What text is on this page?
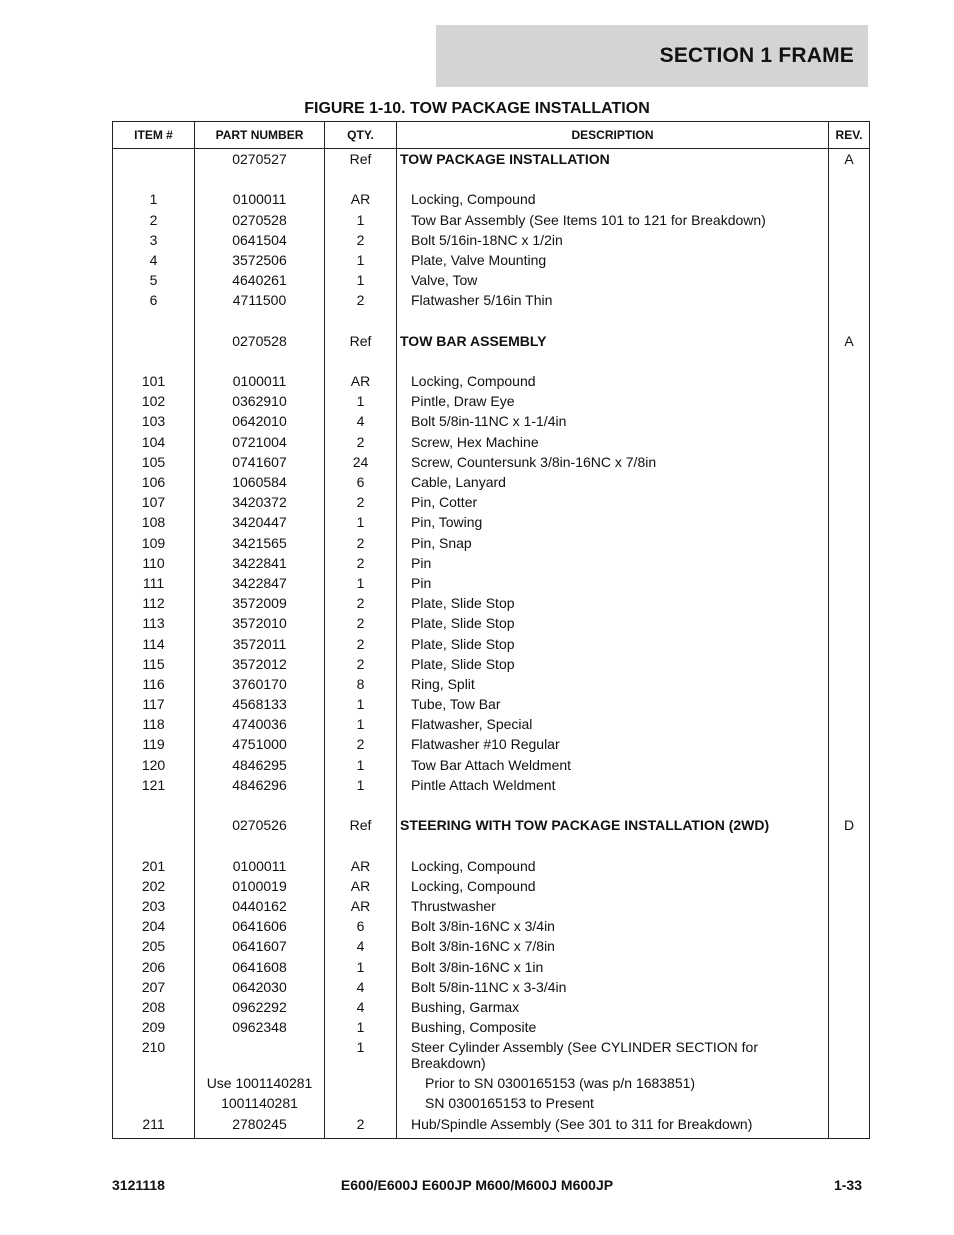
SECTION 1 FRAME
FIGURE 1-10. TOW PACKAGE INSTALLATION
ITEM #	PART NUMBER	QTY.	DESCRIPTION	REV.
	0270527	Ref	TOW PACKAGE INSTALLATION	A

1	0100011	AR	Locking, Compound	
2	0270528	1	Tow Bar Assembly (See Items 101 to 121 for Breakdown)	
3	0641504	2	Bolt 5/16in-18NC x 1/2in	
4	3572506	1	Plate, Valve Mounting	
5	4640261	1	Valve, Tow	
6	4711500	2	Flatwasher 5/16in Thin	

	0270528	Ref	TOW BAR ASSEMBLY	A

101	0100011	AR	Locking, Compound	
102	0362910	1	Pintle, Draw Eye	
103	0642010	4	Bolt 5/8in-11NC x 1-1/4in	
104	0721004	2	Screw, Hex Machine	
105	0741607	24	Screw, Countersunk 3/8in-16NC x 7/8in	
106	1060584	6	Cable, Lanyard	
107	3420372	2	Pin, Cotter	
108	3420447	1	Pin, Towing	
109	3421565	2	Pin, Snap	
110	3422841	2	Pin	
111	3422847	1	Pin	
112	3572009	2	Plate, Slide Stop	
113	3572010	2	Plate, Slide Stop	
114	3572011	2	Plate, Slide Stop	
115	3572012	2	Plate, Slide Stop	
116	3760170	8	Ring, Split	
117	4568133	1	Tube, Tow Bar	
118	4740036	1	Flatwasher, Special	
119	4751000	2	Flatwasher #10 Regular	
120	4846295	1	Tow Bar Attach Weldment	
121	4846296	1	Pintle Attach Weldment	

	0270526	Ref	STEERING WITH TOW PACKAGE INSTALLATION (2WD)	D

201	0100011	AR	Locking, Compound	
202	0100019	AR	Locking, Compound	
203	0440162	AR	Thrustwasher	
204	0641606	6	Bolt 3/8in-16NC x 3/4in	
205	0641607	4	Bolt 3/8in-16NC x 7/8in	
206	0641608	1	Bolt 3/8in-16NC x 1in	
207	0642030	4	Bolt 5/8in-11NC x 3-3/4in	
208	0962292	4	Bushing, Garmax	
209	0962348	1	Bushing, Composite	
210		1	Steer Cylinder Assembly (See CYLINDER SECTION for Breakdown)	
	Use 1001140281		Prior to SN 0300165153 (was p/n 1683851)	
	1001140281		SN 0300165153 to Present	
211	2780245	2	Hub/Spindle Assembly (See 301 to 311 for Breakdown)	
3121118	E600/E600J E600JP M600/M600J M600JP	1-33
